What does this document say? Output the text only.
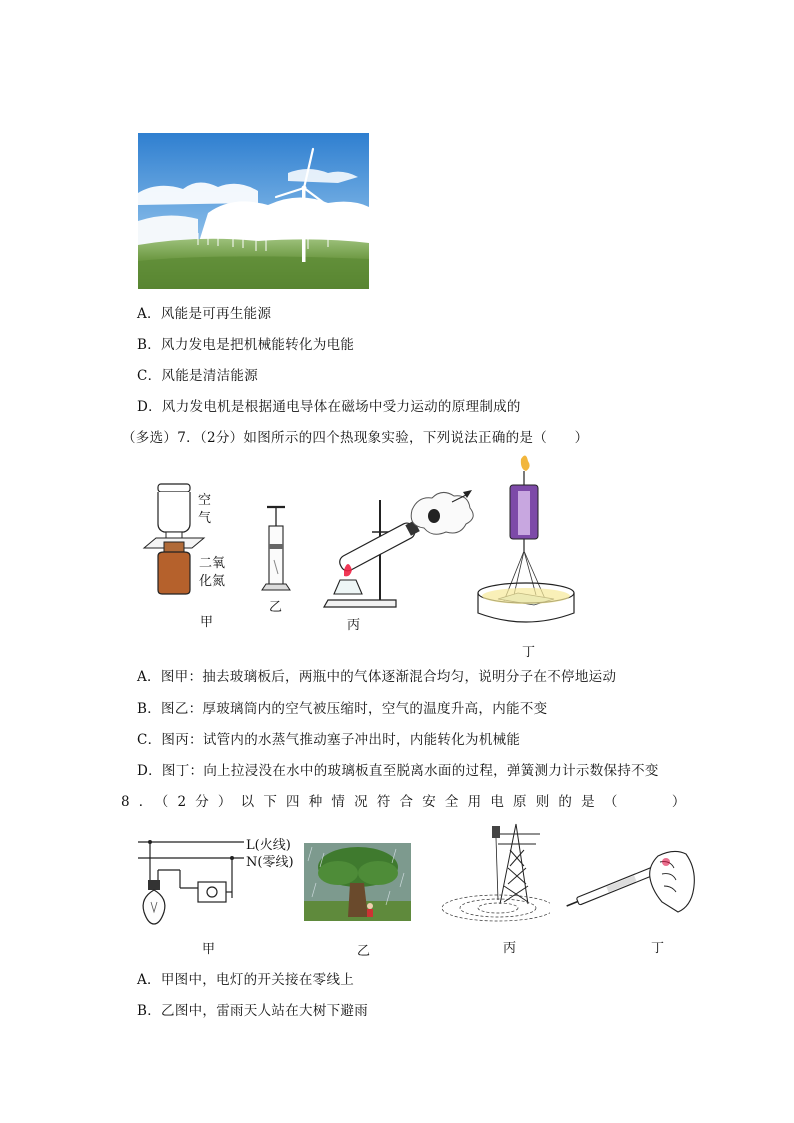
A．风能是可再生能源
B．风力发电是把机械能转化为电能
C．风能是清洁能源
D．风力发电机是根据通电导体在磁场中受力运动的原理制成的
（多选）7．（2分）如图所示的四个热现象实验，下列说法正确的是（　　）
空
气
二氧
化氮
甲
乙
丙
丁
A．图甲：抽去玻璃板后，两瓶中的气体逐渐混合均匀，说明分子在不停地运动
B．图乙：厚玻璃筒内的空气被压缩时，空气的温度升高，内能不变
C．图丙：试管内的水蒸气推动塞子冲出时，内能转化为机械能
D．图丁：向上拉浸没在水中的玻璃板直至脱离水面的过程，弹簧测力计示数保持不变
8．（2分）以下四种情况符合安全用电原则的是（　　）
L(火线)
N(零线)
甲	乙	丙	丁
A．甲图中，电灯的开关接在零线上
B．乙图中，雷雨天人站在大树下避雨
